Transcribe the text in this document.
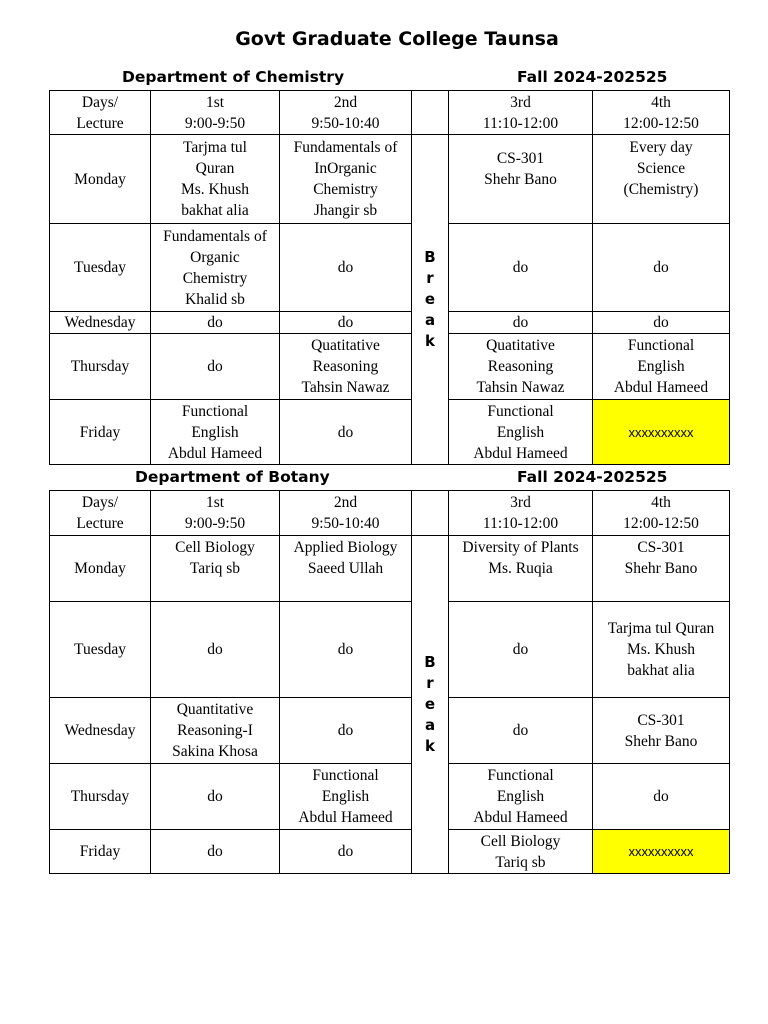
Govt Graduate College Taunsa
Department of Chemistry	Fall 2024-202525
Days/
Lecture	1st
9:00-9:50	2nd
9:50-10:40		3rd
11:10-12:00	4th
12:00-12:50
Monday	Tarjma tul
Quran
Ms. Khush
bakhat alia	Fundamentals of
InOrganic
Chemistry
Jhangir sb	B
r
e
a
k	CS-301
Shehr Bano	Every day
Science
(Chemistry)

Tuesday	Fundamentals of
Organic
Chemistry
Khalid sb	do		do	do
Wednesday	do	do		do	do
Thursday	do	Quatitative
Reasoning
Tahsin Nawaz		Quatitative
Reasoning
Tahsin Nawaz	Functional
English
Abdul Hameed
Friday	Functional
English
Abdul Hameed	do		Functional
English
Abdul Hameed	xxxxxxxxxx
Department of Botany	Fall 2024-202525
Days/
Lecture	1st
9:00-9:50	2nd
9:50-10:40		3rd
11:10-12:00	4th
12:00-12:50
Monday	Cell Biology
Tariq sb	Applied Biology
Saeed Ullah	B
r
e
a
k	Diversity of Plants
Ms. Ruqia	CS-301
Shehr Bano

Tuesday	do	do		do	Tarjma tul Quran
Ms. Khush
bakhat alia
Wednesday	Quantitative
Reasoning-I
Sakina Khosa	do		do	CS-301
Shehr Bano
Thursday	do	Functional
English
Abdul Hameed		Functional
English
Abdul Hameed	do
Friday	do	do		Cell Biology
Tariq sb	xxxxxxxxxx
